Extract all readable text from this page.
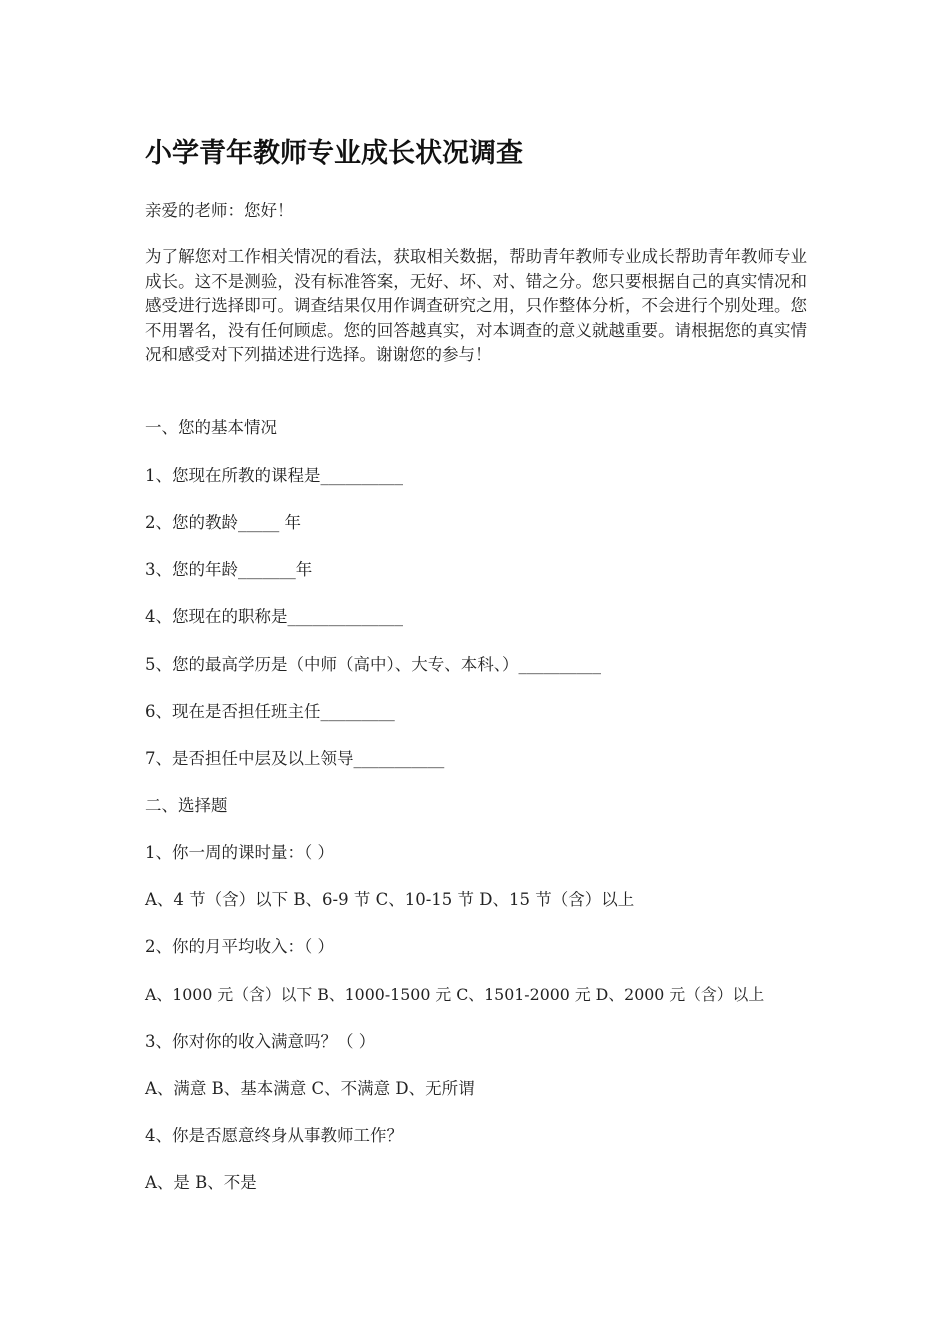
小学青年教师专业成长状况调查

亲爱的老师：您好！

为了解您对工作相关情况的看法，获取相关数据，帮助青年教师专业成长帮助青年教师专业成长。这不是测验，没有标准答案，无好、坏、对、错之分。您只要根据自己的真实情况和感受进行选择即可。调查结果仅用作调查研究之用，只作整体分析，不会进行个别处理。您不用署名，没有任何顾虑。您的回答越真实，对本调查的意义就越重要。请根据您的真实情况和感受对下列描述进行选择。谢谢您的参与！

一、您的基本情况

1、您现在所教的课程是__________

2、您的教龄_____ 年

3、您的年龄_______年

4、您现在的职称是______________

5、您的最高学历是（中师（高中）、大专、本科、）__________

6、现在是否担任班主任_________

7、是否担任中层及以上领导___________

二、选择题

1、你一周的课时量：（ ）

A、4 节（含）以下 B、6-9 节 C、10-15 节 D、15 节（含）以上

2、你的月平均收入：（ ）

A、1000 元（含）以下 B、1000-1500 元 C、1501-2000 元 D、2000 元（含）以上

3、你对你的收入满意吗？（ ）

A、满意 B、基本满意 C、不满意 D、无所谓

4、你是否愿意终身从事教师工作？

A、是 B、不是
